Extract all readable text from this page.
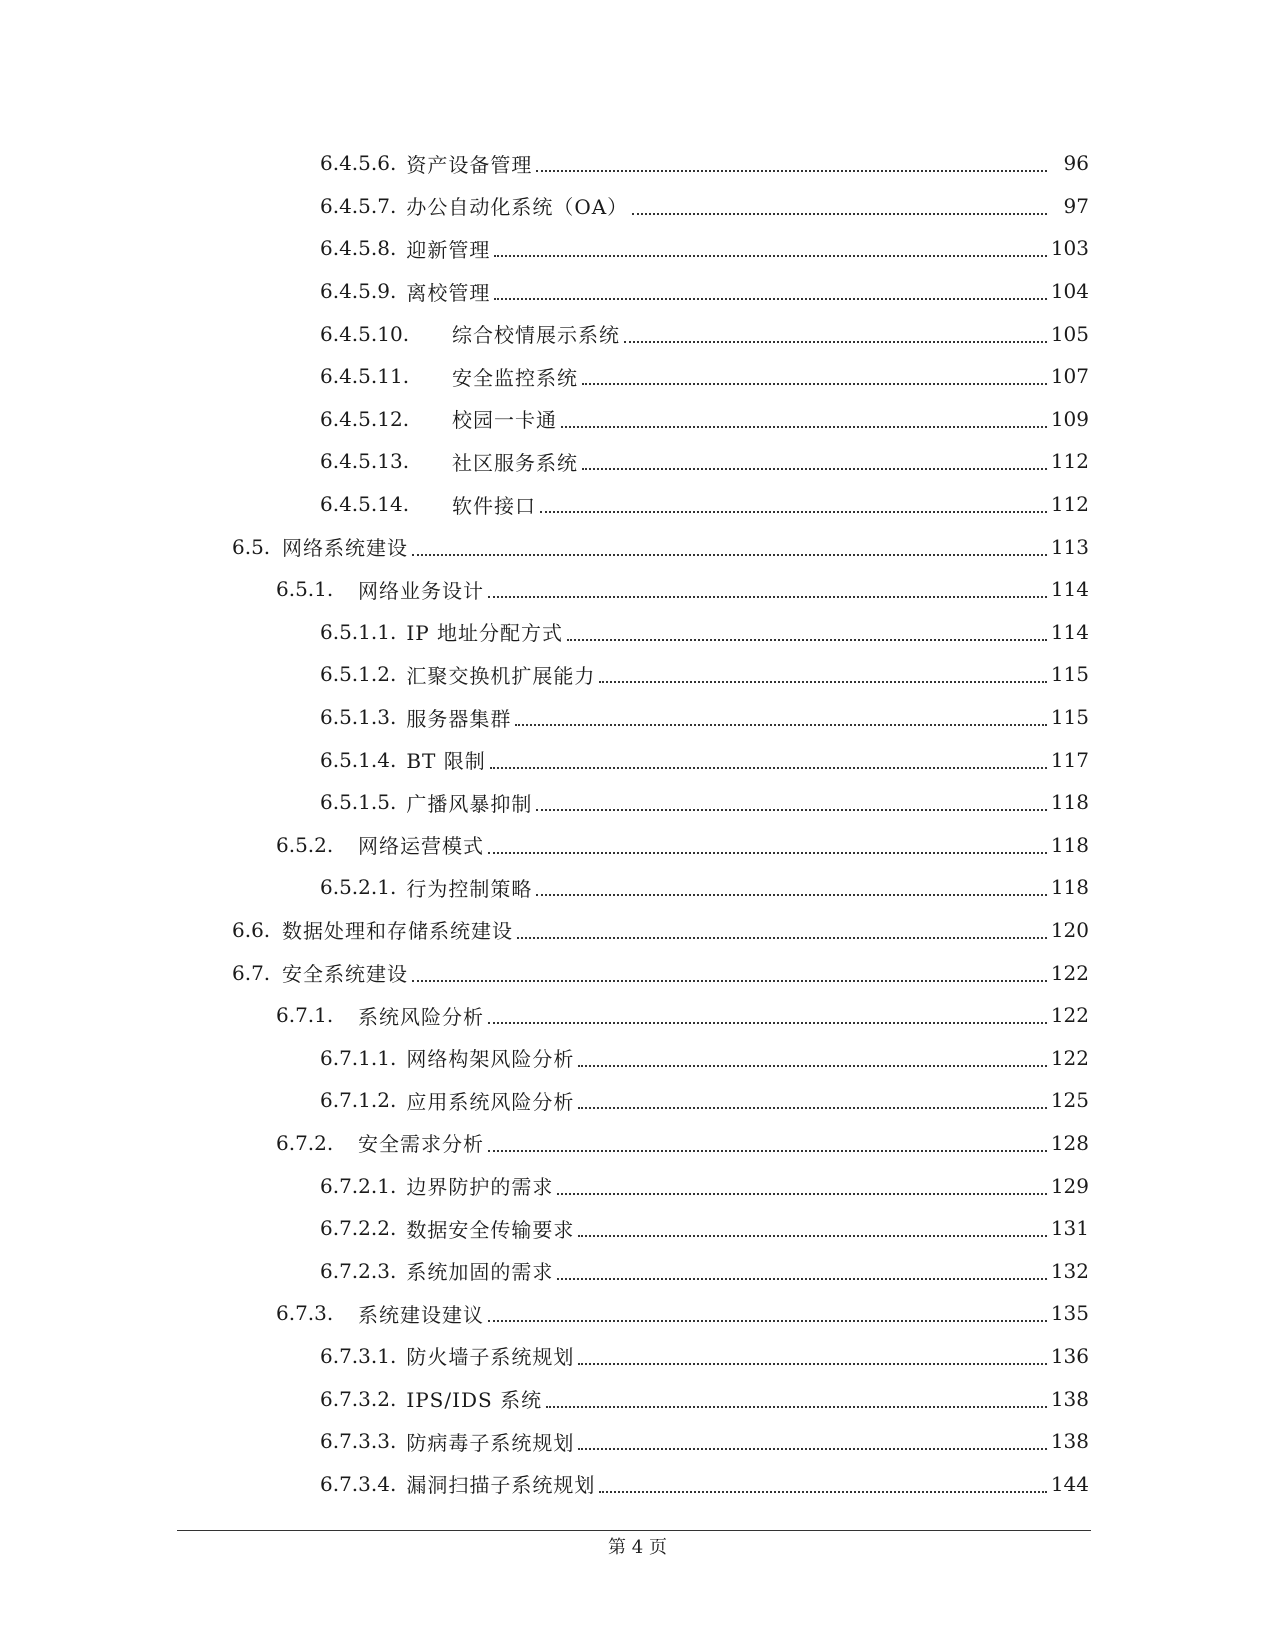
6.4.5.6. 资产设备管理	96
6.4.5.7. 办公自动化系统（OA）	97
6.4.5.8. 迎新管理	103
6.4.5.9. 离校管理	104
6.4.5.10.	综合校情展示系统	105
6.4.5.11.	安全监控系统	107
6.4.5.12.	校园一卡通	109
6.4.5.13.	社区服务系统	112
6.4.5.14.	软件接口	112
6.5. 网络系统建设	113
6.5.1.	网络业务设计	114
6.5.1.1. IP 地址分配方式	114
6.5.1.2. 汇聚交换机扩展能力	115
6.5.1.3. 服务器集群	115
6.5.1.4. BT 限制	117
6.5.1.5. 广播风暴抑制	118
6.5.2.	网络运营模式	118
6.5.2.1. 行为控制策略	118
6.6. 数据处理和存储系统建设	120
6.7. 安全系统建设	122
6.7.1.	系统风险分析	122
6.7.1.1. 网络构架风险分析	122
6.7.1.2. 应用系统风险分析	125
6.7.2.	安全需求分析	128
6.7.2.1. 边界防护的需求	129
6.7.2.2. 数据安全传输要求	131
6.7.2.3. 系统加固的需求	132
6.7.3.	系统建设建议	135
6.7.3.1. 防火墙子系统规划	136
6.7.3.2. IPS/IDS 系统	138
6.7.3.3. 防病毒子系统规划	138
6.7.3.4. 漏洞扫描子系统规划	144
第 4 页
